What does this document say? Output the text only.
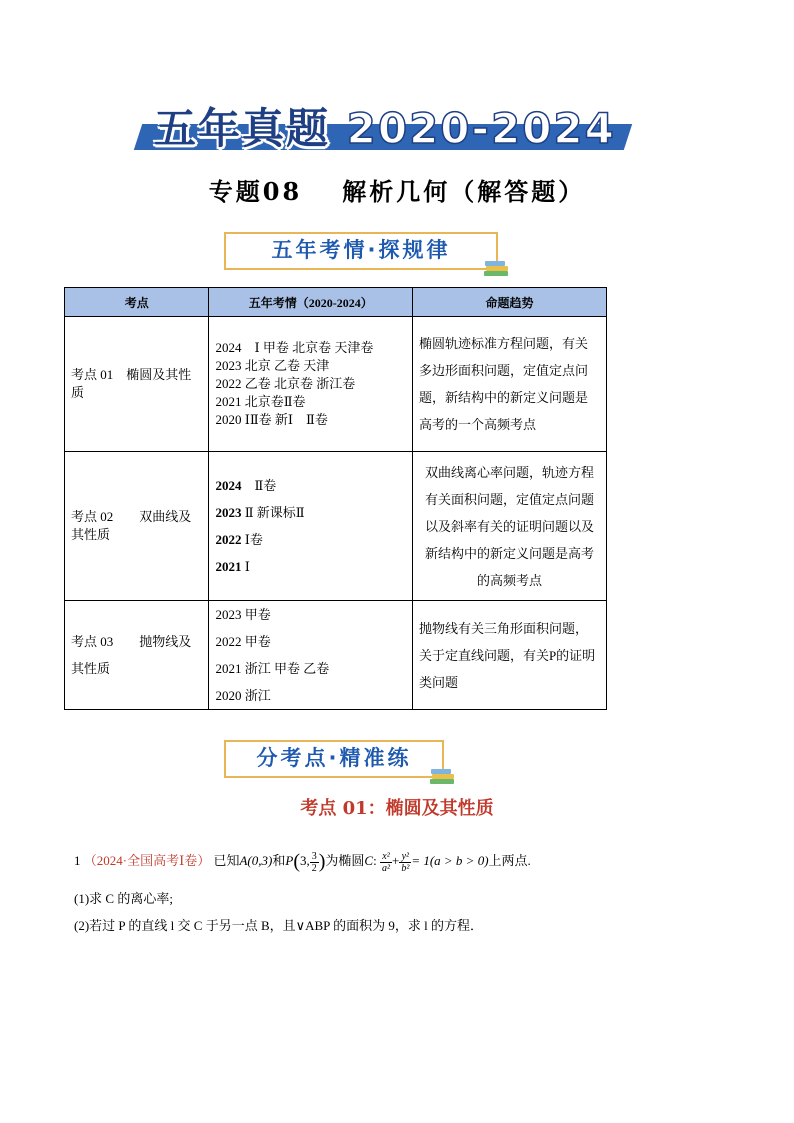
五年真题 2020-2024
专题08 解析几何（解答题）
五年考情·探规律
考点	五年考情（2020-2024）	命题趋势
考点 01　椭圆及其性质	2024　Ⅰ 甲卷 北京卷 天津卷
2023 北京 乙卷 天津
2022 乙卷 北京卷 浙江卷
2021 北京卷Ⅱ卷
2020 ⅠⅡ卷 新Ⅰ　Ⅱ卷	椭圆轨迹标准方程问题，有关多边形面积问题，定值定点问题，新结构中的新定义问题是高考的一个高频考点
考点 02　　双曲线及其性质	2024　Ⅱ卷
2023 Ⅱ 新课标Ⅱ
2022 Ⅰ卷
2021 Ⅰ	双曲线离心率问题，轨迹方程有关面积问题，定值定点问题以及斜率有关的证明问题以及新结构中的新定义问题是高考的高频考点
考点 03　　抛物线及其性质	2023 甲卷
2022 甲卷
2021 浙江 甲卷 乙卷
2020 浙江	抛物线有关三角形面积问题，关于定直线问题，有关P的证明类问题
分考点·精准练
考点 01：椭圆及其性质
1 （2024·全国高考Ⅰ卷） 已知A(0,3)和P(3, $\frac{3}{2}$ )为椭圆C: $\frac{\text{x²}}{\text{a²}} + \frac{\text{y²}}{\text{b²}} = 1(a > b > 0)$上两点.
(1)求 C 的离心率;
(2)若过 P 的直线 l 交 C 于另一点 B，且∨ABP 的面积为 9，求 l 的方程．
